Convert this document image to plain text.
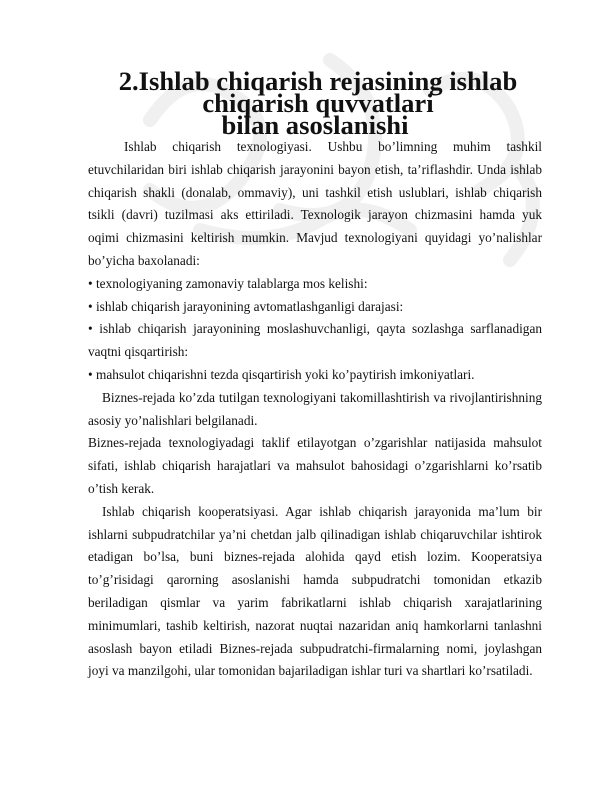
2.Ishlab chiqarish rejasining ishlab chiqarish quvvatlari
bilan asoslanishi

Ishlab chiqarish texnologiyasi. Ushbu bo’limning muhim tashkil etuvchilaridan biri ishlab chiqarish jarayonini bayon etish, ta’riflashdir. Unda ishlab chiqarish shakli (donalab, ommaviy), uni tashkil etish uslublari, ishlab chiqarish tsikli (davri) tuzilmasi aks ettiriladi. Texnologik jarayon chizmasini hamda yuk oqimi chizmasini keltirish mumkin. Mavjud texnologiyani quyidagi yo’nalishlar bo’yicha baxolanadi:

• texnologiyaning zamonaviy talablarga mos kelishi:

• ishlab chiqarish jarayonining avtomatlashganligi darajasi:

• ishlab chiqarish jarayonining moslashuvchanligi, qayta sozlashga sarflanadigan vaqtni qisqartirish:

• mahsulot chiqarishni tezda qisqartirish yoki ko’paytirish imkoniyatlari.

Biznes-rejada ko’zda tutilgan texnologiyani takomillashtirish va rivojlantirishning asosiy yo’nalishlari belgilanadi.

Biznes-rejada texnologiyadagi taklif etilayotgan o’zgarishlar natijasida mahsulot sifati, ishlab chiqarish harajatlari va mahsulot bahosidagi o’zgarishlarni ko’rsatib o’tish kerak.

Ishlab chiqarish kooperatsiyasi. Agar ishlab chiqarish jarayonida ma’lum bir ishlarni subpudratchilar ya’ni chetdan jalb qilinadigan ishlab chiqaruvchilar ishtirok etadigan bo’lsa, buni biznes-rejada alohida qayd etish lozim. Kooperatsiya to’g’risidagi qarorning asoslanishi hamda subpudratchi tomonidan etkazib beriladigan qismlar va yarim fabrikatlarni ishlab chiqarish xarajatlarining minimumlari, tashib keltirish, nazorat nuqtai nazaridan aniq hamkorlarni tanlashni asoslash bayon etiladi Biznes-rejada subpudratchi-firmalarning nomi, joylashgan joyi va manzilgohi, ular tomonidan bajariladigan ishlar turi va shartlari ko’rsatiladi.
